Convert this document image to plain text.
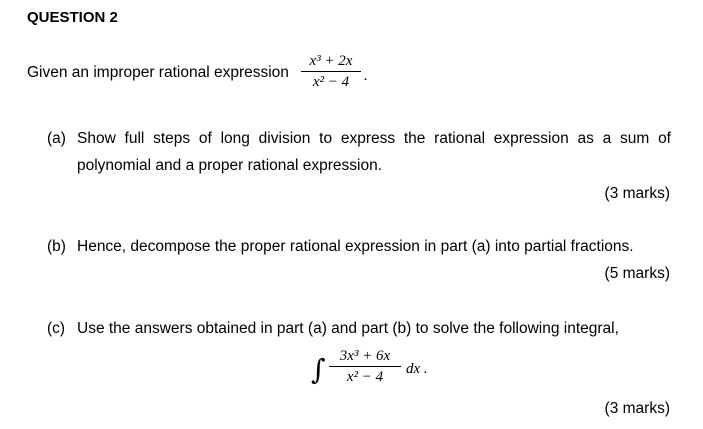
QUESTION 2
Given an improper rational expression
x³ + 2x
x² − 4 .
(a) Show full steps of long division to express the rational expression as a sum of
polynomial and a proper rational expression.
(3 marks)
(b) Hence, decompose the proper rational expression in part (a) into partial fractions.
(5 marks)
(c) Use the answers obtained in part (a) and part (b) to solve the following integral,
∫ 3x³ + 6x
x² − 4	dx .
(3 marks)
